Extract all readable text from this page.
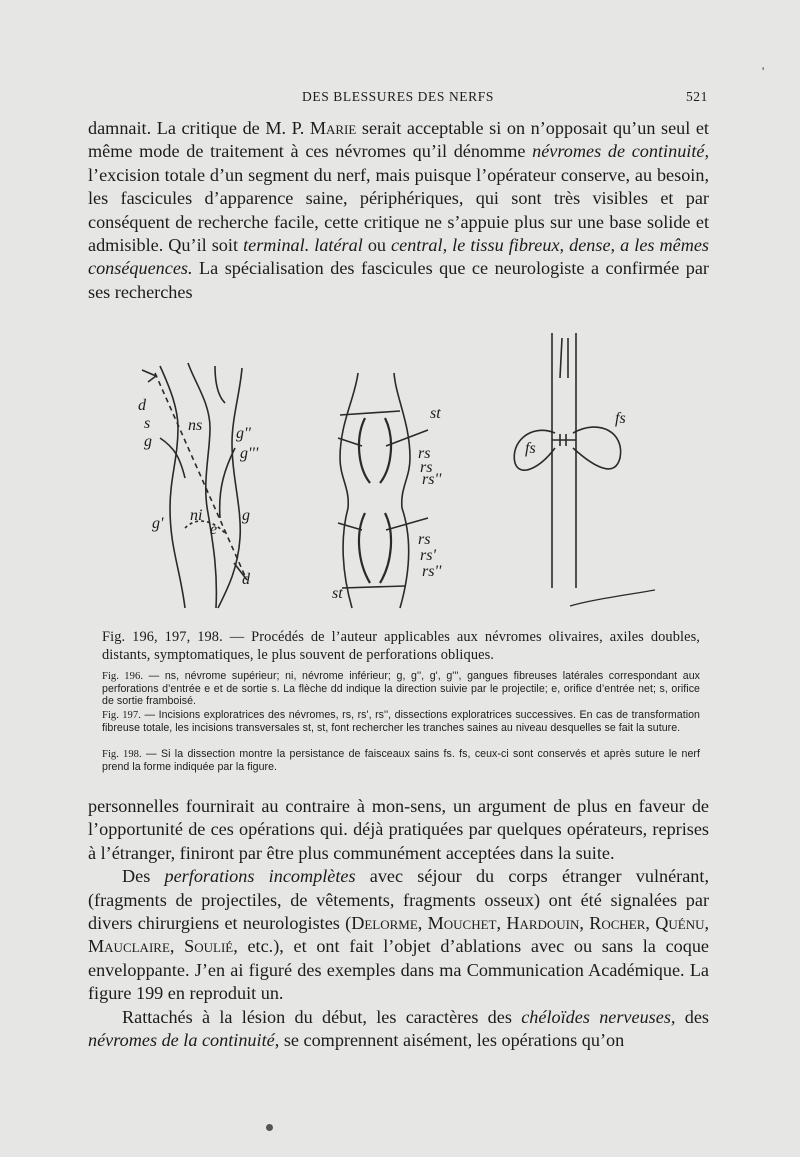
DES BLESSURES DES NERFS	521
'

damnait. La critique de M. P. Marie serait acceptable si on n’opposait qu’un seul et même mode de traitement à ces névromes qu’il dénomme névromes de continuité, l’excision totale d’un segment du nerf, mais puisque l’opérateur conserve, au besoin, les fascicules d’apparence saine, périphériques, qui sont très visibles et par conséquent de recherche facile, cette critique ne s’appuie plus sur une base solide et admisible. Qu’il soit terminal. latéral ou central, le tissu fibreux, dense, a les mêmes conséquences. La spécialisation des fascicules que ce neurologiste a confirmée par ses recherches

d
s ns
g	g''
g'''
ni
e
g'	g
d
st
rs
rs
rs''
rs
rs'
rs''
st
fs
fs
Fig. 196, 197, 198. — Procédés de l’auteur applicables aux névromes olivaires, axiles doubles, distants, symptomatiques, le plus souvent de perforations obliques.
Fig. 196. — ns, névrome supérieur; ni, névrome inférieur; g, g'', g', g''', gangues fibreuses latérales correspondant aux perforations d’entrée e et de sortie s. La flèche dd indique la direction suivie par le projectile; e, orifice d’entrée net; s, orifice de sortie framboisé.
Fig. 197. — Incisions exploratrices des névromes, rs, rs', rs'', dissections exploratrices successives. En cas de transformation fibreuse totale, les incisions transversales st, st, font rechercher les tranches saines au niveau desquelles se fait la suture.
Fig. 198. — Si la dissection montre la persistance de faisceaux sains fs. fs, ceux-ci sont conservés et après suture le nerf prend la forme indiquée par la figure.

personnelles fournirait au contraire à mon-sens, un argument de plus en faveur de l’opportunité de ces opérations qui. déjà pratiquées par quelques opérateurs, reprises à l’étranger, finiront par être plus communément acceptées dans la suite.

Des perforations incomplètes avec séjour du corps étranger vulnérant, (fragments de projectiles, de vêtements, fragments osseux) ont été signalées par divers chirurgiens et neurologistes (Delorme, Mouchet, Hardouin, Rocher, Quénu, Mauclaire, Soulié, etc.), et ont fait l’objet d’ablations avec ou sans la coque enveloppante. J’en ai figuré des exemples dans ma Communication Académique. La figure 199 en reproduit un.

Rattachés à la lésion du début, les caractères des chéloïdes nerveuses, des névromes de la continuité, se comprennent aisément, les opérations qu’on
